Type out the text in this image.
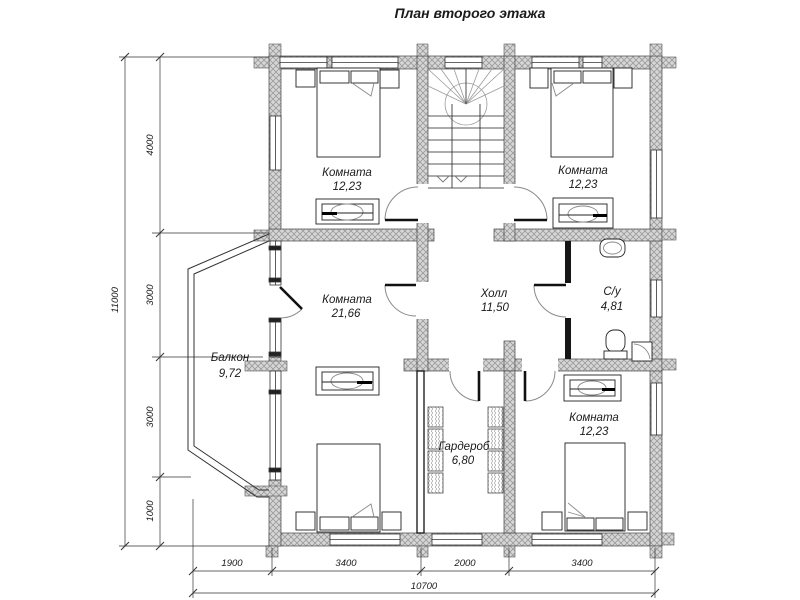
План второго этажа
Комната
12,23
Комната
12,23
Комната
21,66
Холл
11,50
С/у
4,81
Балкон
9,72
Гардероб
6,80
Комната
12,23
4000
3000
3000
1000
11000
1900	3400	2000	3400
10700
